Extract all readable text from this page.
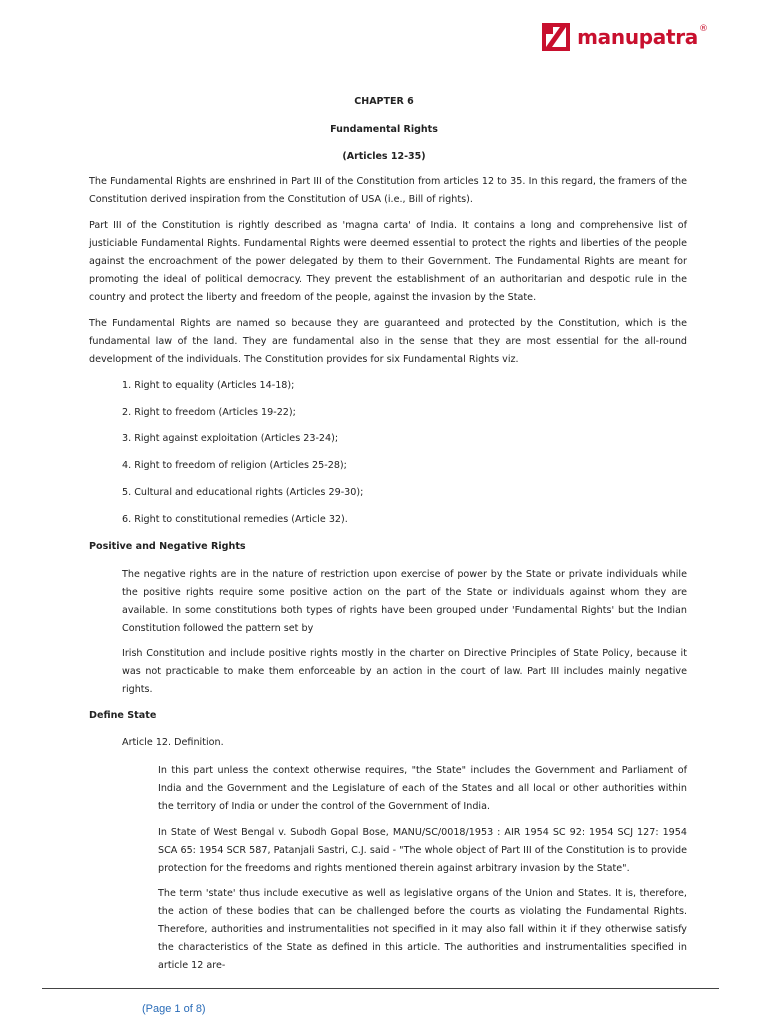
manupatra ®
CHAPTER 6
Fundamental Rights
(Articles 12-35)
The Fundamental Rights are enshrined in Part III of the Constitution from articles 12 to 35. In this regard, the framers of the Constitution derived inspiration from the Constitution of USA (i.e., Bill of rights).
Part III of the Constitution is rightly described as 'magna carta' of India. It contains a long and comprehensive list of justiciable Fundamental Rights. Fundamental Rights were deemed essential to protect the rights and liberties of the people against the encroachment of the power delegated by them to their Government. The Fundamental Rights are meant for promoting the ideal of political democracy. They prevent the establishment of an authoritarian and despotic rule in the country and protect the liberty and freedom of the people, against the invasion by the State.
The Fundamental Rights are named so because they are guaranteed and protected by the Constitution, which is the fundamental law of the land. They are fundamental also in the sense that they are most essential for the all-round development of the individuals. The Constitution provides for six Fundamental Rights viz.
1. Right to equality (Articles 14-18);
2. Right to freedom (Articles 19-22);
3. Right against exploitation (Articles 23-24);
4. Right to freedom of religion (Articles 25-28);
5. Cultural and educational rights (Articles 29-30);
6. Right to constitutional remedies (Article 32).
Positive and Negative Rights
The negative rights are in the nature of restriction upon exercise of power by the State or private individuals while the positive rights require some positive action on the part of the State or individuals against whom they are available. In some constitutions both types of rights have been grouped under 'Fundamental Rights' but the Indian Constitution followed the pattern set by
Irish Constitution and include positive rights mostly in the charter on Directive Principles of State Policy, because it was not practicable to make them enforceable by an action in the court of law. Part III includes mainly negative rights.
Define State
Article 12. Definition.
In this part unless the context otherwise requires, "the State" includes the Government and Parliament of India and the Government and the Legislature of each of the States and all local or other authorities within the territory of India or under the control of the Government of India.
In State of West Bengal v. Subodh Gopal Bose, MANU/SC/0018/1953 : AIR 1954 SC 92: 1954 SCJ 127: 1954 SCA 65: 1954 SCR 587, Patanjali Sastri, C.J. said - "The whole object of Part III of the Constitution is to provide protection for the freedoms and rights mentioned therein against arbitrary invasion by the State".
The term 'state' thus include executive as well as legislative organs of the Union and States. It is, therefore, the action of these bodies that can be challenged before the courts as violating the Fundamental Rights. Therefore, authorities and instrumentalities not specified in it may also fall within it if they otherwise satisfy the characteristics of the State as defined in this article. The authorities and instrumentalities specified in article 12 are-
(Page 1 of 8)
